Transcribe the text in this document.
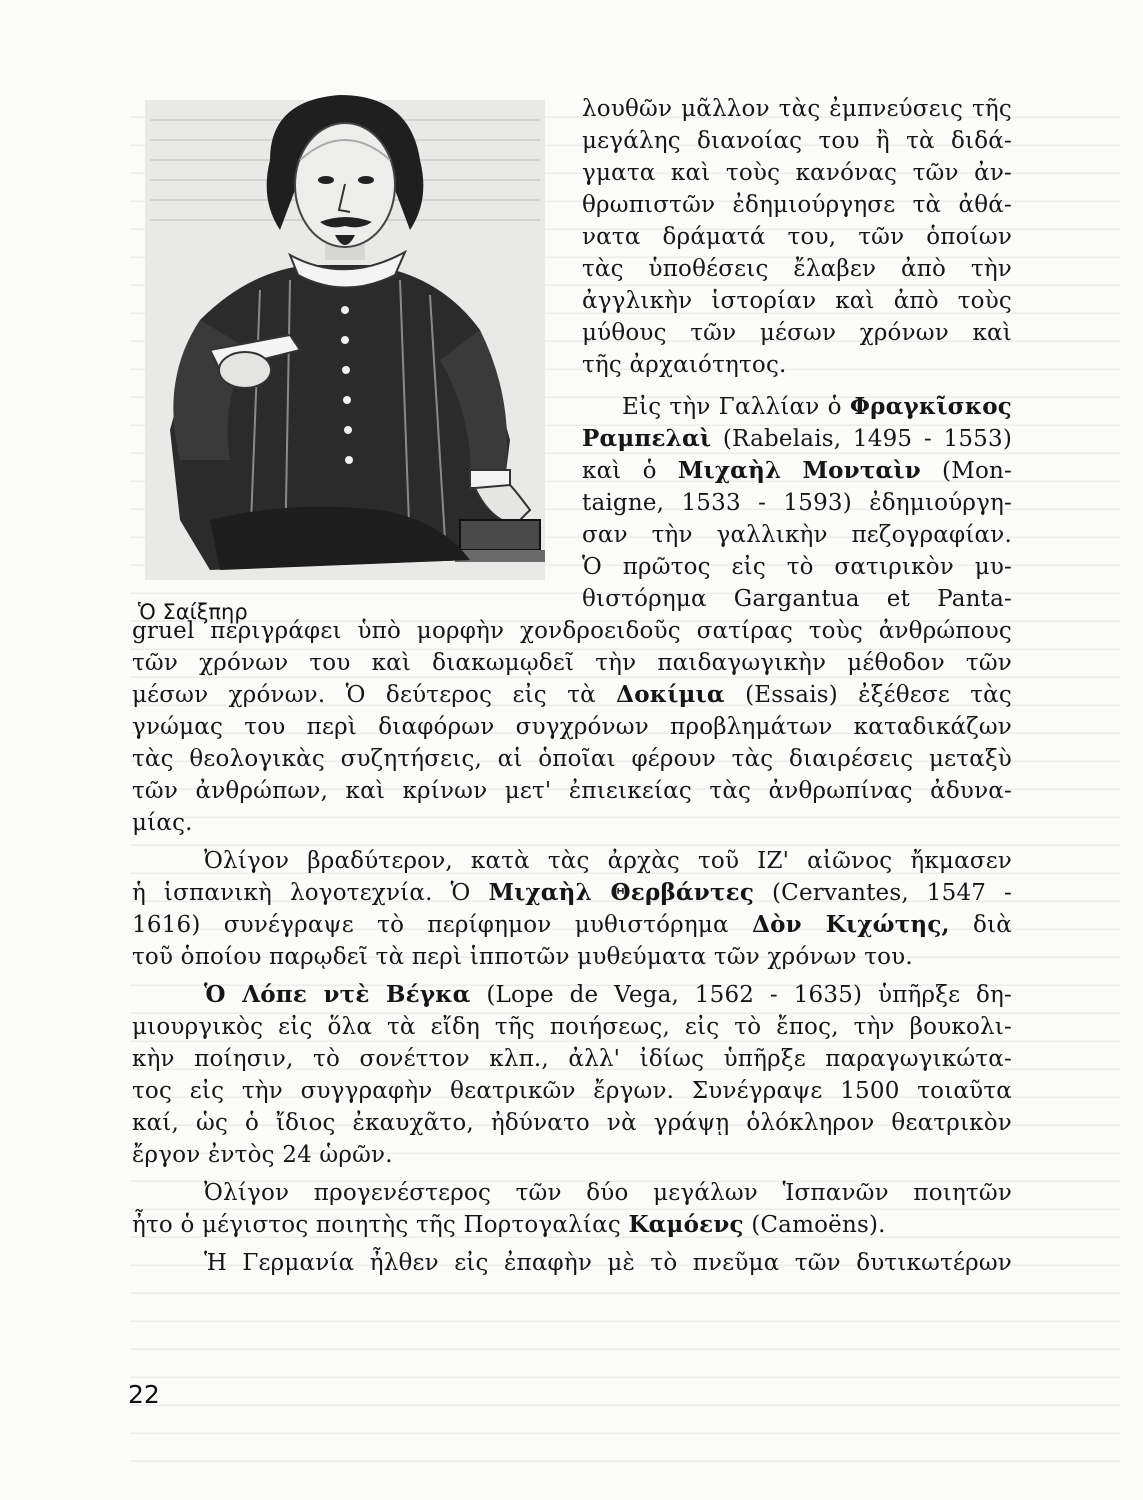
Ὁ Σαίξπηρ
λουθῶν μᾶλλον τὰς ἐμπνεύσεις τῆς
μεγάλης διανοίας του ἢ τὰ διδά-
γματα καὶ τοὺς κανόνας τῶν ἀν-
θρωπιστῶν ἐδημιούργησε τὰ ἀθά-
νατα δράματά του, τῶν ὁποίων
τὰς ὑποθέσεις ἔλαβεν ἀπὸ τὴν
ἀγγλικὴν ἱστορίαν καὶ ἀπὸ τοὺς
μύθους τῶν μέσων χρόνων καὶ
τῆς ἀρχαιότητος.
Εἰς τὴν Γαλλίαν ὁ Φραγκῖσκος
Ραμπελαὶ (Rabelais, 1495 - 1553)
καὶ ὁ Μιχαὴλ Μονταὶν (Mon-
taigne, 1533 - 1593) ἐδημιούργη-
σαν τὴν γαλλικὴν πεζογραφίαν.
Ὁ πρῶτος εἰς τὸ σατιρικὸν μυ-
θιστόρημα Gargantua et Panta-
gruel περιγράφει ὑπὸ μορφὴν χονδροειδοῦς σατίρας τοὺς ἀνθρώπους
τῶν χρόνων του καὶ διακωμῳδεῖ τὴν παιδαγωγικὴν μέθοδον τῶν
μέσων χρόνων. Ὁ δεύτερος εἰς τὰ Δοκίμια (Essais) ἐξέθεσε τὰς
γνώμας του περὶ διαφόρων συγχρόνων προβλημάτων καταδικάζων
τὰς θεολογικὰς συζητήσεις, αἱ ὁποῖαι φέρουν τὰς διαιρέσεις μεταξὺ
τῶν ἀνθρώπων, καὶ κρίνων μετ' ἐπιεικείας τὰς ἀνθρωπίνας ἀδυνα-
μίας.
Ὀλίγον βραδύτερον, κατὰ τὰς ἀρχὰς τοῦ ΙΖ' αἰῶνος ἤκμασεν
ἡ ἱσπανικὴ λογοτεχνία. Ὁ Μιχαὴλ Θερβάντες (Cervantes, 1547 -
1616) συνέγραψε τὸ περίφημον μυθιστόρημα Δὸν Κιχώτης, διὰ
τοῦ ὁποίου παρῳδεῖ τὰ περὶ ἱπποτῶν μυθεύματα τῶν χρόνων του.
Ὁ Λόπε ντὲ Βέγκα (Lope de Vega, 1562 - 1635) ὑπῆρξε δη-
μιουργικὸς εἰς ὅλα τὰ εἴδη τῆς ποιήσεως, εἰς τὸ ἔπος, τὴν βουκολι-
κὴν ποίησιν, τὸ σονέττον κλπ., ἀλλ' ἰδίως ὑπῆρξε παραγωγικώτα-
τος εἰς τὴν συγγραφὴν θεατρικῶν ἔργων. Συνέγραψε 1500 τοιαῦτα
καί, ὡς ὁ ἴδιος ἐκαυχᾶτο, ἠδύνατο νὰ γράψῃ ὁλόκληρον θεατρικὸν
ἔργον ἐντὸς 24 ὡρῶν.
Ὀλίγον προγενέστερος τῶν δύο μεγάλων Ἱσπανῶν ποιητῶν
ἦτο ὁ μέγιστος ποιητὴς τῆς Πορτογαλίας Καμόενς (Camoëns).
Ἡ Γερμανία ἦλθεν εἰς ἐπαφὴν μὲ τὸ πνεῦμα τῶν δυτικωτέρων
22
